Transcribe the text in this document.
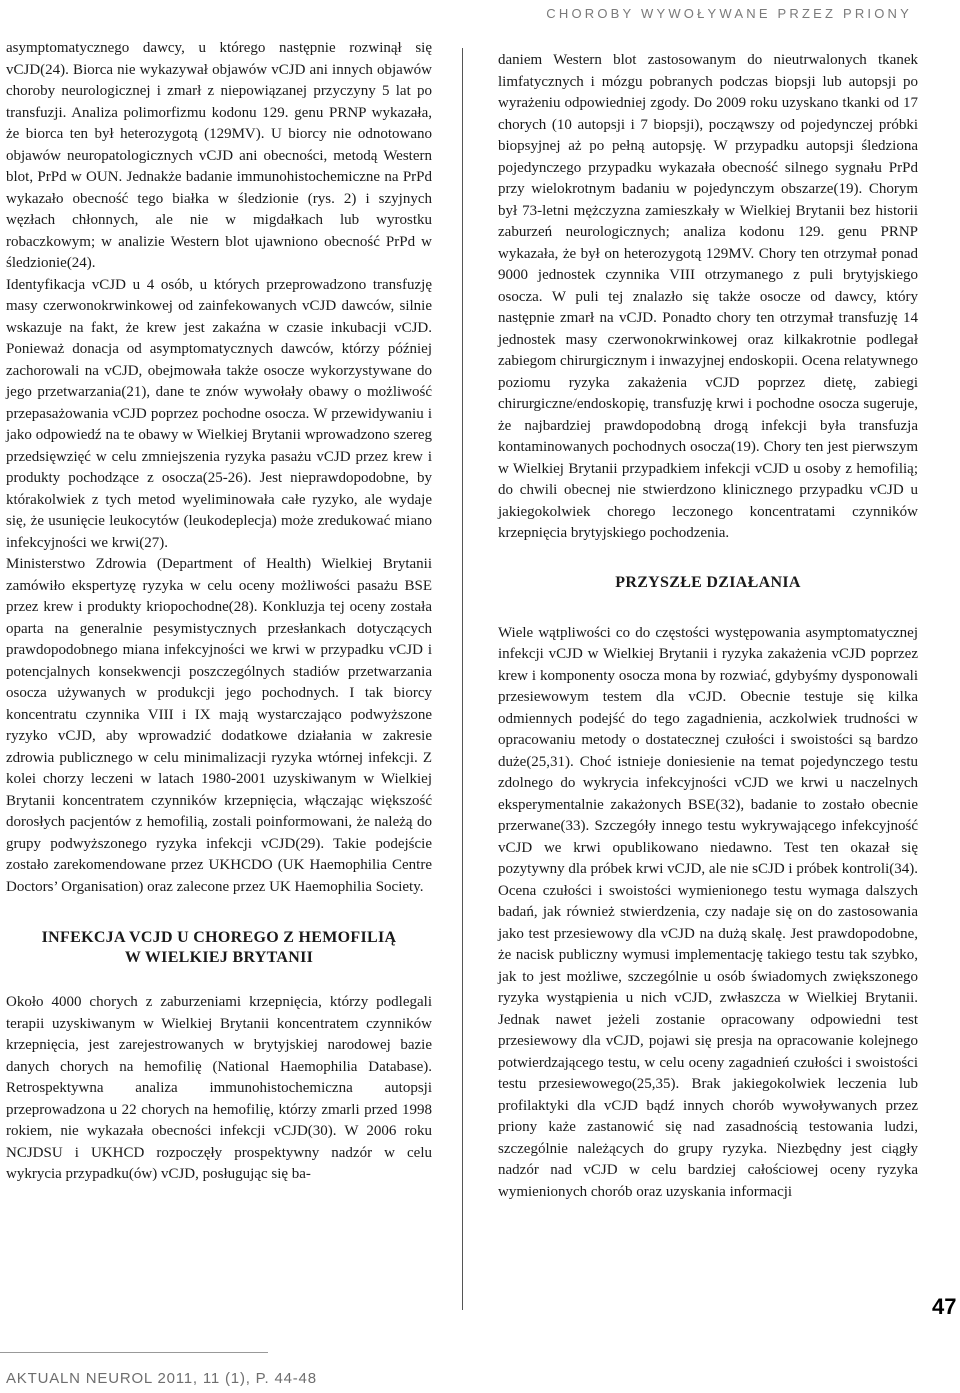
CHOROBY WYWOŁYWANE PRZEZ PRIONY

asymptomatycznego dawcy, u którego następnie rozwinął się vCJD(24). Biorca nie wykazywał objawów vCJD ani innych objawów choroby neurologicznej i zmarł z niepowiązanej przyczyny 5 lat po transfuzji. Analiza polimorfizmu kodonu 129. genu PRNP wykazała, że biorca ten był heterozygotą (129MV). U biorcy nie odnotowano objawów neuropatologicznych vCJD ani obecności, metodą Western blot, PrPd w OUN. Jednakże badanie immunohistochemiczne na PrPd wykazało obecność tego białka w śledzionie (rys. 2) i szyjnych węzłach chłonnych, ale nie w migdałkach lub wyrostku robaczkowym; w analizie Western blot ujawniono obecność PrPd w śledzionie(24).

Identyfikacja vCJD u 4 osób, u których przeprowadzono transfuzję masy czerwonokrwinkowej od zainfekowanych vCJD dawców, silnie wskazuje na fakt, że krew jest zakaźna w czasie inkubacji vCJD. Ponieważ donacja od asymptomatycznych dawców, którzy później zachorowali na vCJD, obejmowała także osocze wykorzystywane do jego przetwarzania(21), dane te znów wywołały obawy o możliwość przepasażowania vCJD poprzez pochodne osocza. W przewidywaniu i jako odpowiedź na te obawy w Wielkiej Brytanii wprowadzono szereg przedsięwzięć w celu zmniejszenia ryzyka pasażu vCJD przez krew i produkty pochodzące z osocza(25-26). Jest nieprawdopodobne, by którakolwiek z tych metod wyeliminowała całe ryzyko, ale wydaje się, że usunięcie leukocytów (leukodeplecja) może zredukować miano infekcyjności we krwi(27).

Ministerstwo Zdrowia (Department of Health) Wielkiej Brytanii zamówiło ekspertyzę ryzyka w celu oceny możliwości pasażu BSE przez krew i produkty kriopochodne(28). Konkluzja tej oceny została oparta na generalnie pesymistycznych przesłankach dotyczących prawdopodobnego miana infekcyjności we krwi w przypadku vCJD i potencjalnych konsekwencji poszczególnych stadiów przetwarzania osocza używanych w produkcji jego pochodnych. I tak biorcy koncentratu czynnika VIII i IX mają wystarczająco podwyższone ryzyko vCJD, aby wprowadzić dodatkowe działania w zakresie zdrowia publicznego w celu minimalizacji ryzyka wtórnej infekcji. Z kolei chorzy leczeni w latach 1980-2001 uzyskiwanym w Wielkiej Brytanii koncentratem czynników krzepnięcia, włączając większość dorosłych pacjentów z hemofilią, zostali poinformowani, że należą do grupy podwyższonego ryzyka infekcji vCJD(29). Takie podejście zostało zarekomendowane przez UKHCDO (UK Haemophilia Centre Doctors’ Organisation) oraz zalecone przez UK Haemophilia Society.

INFEKCJA VCJD U CHOREGO Z HEMOFILIĄ
W WIELKIEJ BRYTANII

Około 4000 chorych z zaburzeniami krzepnięcia, którzy podlegali terapii uzyskiwanym w Wielkiej Brytanii koncentratem czynników krzepnięcia, jest zarejestrowanych w brytyjskiej narodowej bazie danych chorych na hemofilię (National Haemophilia Database). Retrospektywna analiza immunohistochemiczna autopsji przeprowadzona u 22 chorych na hemofilię, którzy zmarli przed 1998 rokiem, nie wykazała obecności infekcji vCJD(30). W 2006 roku NCJDSU i UKHCD rozpoczęły prospektywny nadzór w celu wykrycia przypadku(ów) vCJD, posługując się ba-

daniem Western blot zastosowanym do nieutrwalonych tkanek limfatycznych i mózgu pobranych podczas biopsji lub autopsji po wyrażeniu odpowiedniej zgody. Do 2009 roku uzyskano tkanki od 17 chorych (10 autopsji i 7 biopsji), począwszy od pojedynczej próbki biopsyjnej aż po pełną autopsję. W przypadku autopsji śledziona pojedynczego przypadku wykazała obecność silnego sygnału PrPd przy wielokrotnym badaniu w pojedynczym obszarze(19). Chorym był 73-letni mężczyzna zamieszkały w Wielkiej Brytanii bez historii zaburzeń neurologicznych; analiza kodonu 129. genu PRNP wykazała, że był on heterozygotą 129MV. Chory ten otrzymał ponad 9000 jednostek czynnika VIII otrzymanego z puli brytyjskiego osocza. W puli tej znalazło się także osocze od dawcy, który następnie zmarł na vCJD. Ponadto chory ten otrzymał transfuzję 14 jednostek masy czerwonokrwinkowej oraz kilkakrotnie podlegał zabiegom chirurgicznym i inwazyjnej endoskopii. Ocena relatywnego poziomu ryzyka zakażenia vCJD poprzez dietę, zabiegi chirurgiczne/endoskopię, transfuzję krwi i pochodne osocza sugeruje, że najbardziej prawdopodobną drogą infekcji była transfuzja kontaminowanych pochodnych osocza(19). Chory ten jest pierwszym w Wielkiej Brytanii przypadkiem infekcji vCJD u osoby z hemofilią; do chwili obecnej nie stwierdzono klinicznego przypadku vCJD u jakiegokolwiek chorego leczonego koncentratami czynników krzepnięcia brytyjskiego pochodzenia.

PRZYSZŁE DZIAŁANIA

Wiele wątpliwości co do częstości występowania asymptomatycznej infekcji vCJD w Wielkiej Brytanii i ryzyka zakażenia vCJD poprzez krew i komponenty osocza mona by rozwiać, gdybyśmy dysponowali przesiewowym testem dla vCJD. Obecnie testuje się kilka odmiennych podejść do tego zagadnienia, aczkolwiek trudności w opracowaniu metody o dostatecznej czułości i swoistości są bardzo duże(25,31). Choć istnieje doniesienie na temat pojedynczego testu zdolnego do wykrycia infekcyjności vCJD we krwi u naczelnych eksperymentalnie zakażonych BSE(32), badanie to zostało obecnie przerwane(33). Szczegóły innego testu wykrywającego infekcyjność vCJD we krwi opublikowano niedawno. Test ten okazał się pozytywny dla próbek krwi vCJD, ale nie sCJD i próbek kontroli(34). Ocena czułości i swoistości wymienionego testu wymaga dalszych badań, jak również stwierdzenia, czy nadaje się on do zastosowania jako test przesiewowy dla vCJD na dużą skalę. Jest prawdopodobne, że nacisk publiczny wymusi implementację takiego testu tak szybko, jak to jest możliwe, szczególnie u osób świadomych zwiększonego ryzyka wystąpienia u nich vCJD, zwłaszcza w Wielkiej Brytanii. Jednak nawet jeżeli zostanie opracowany odpowiedni test przesiewowy dla vCJD, pojawi się presja na opracowanie kolejnego potwierdzającego testu, w celu oceny zagadnień czułości i swoistości testu przesiewowego(25,35). Brak jakiegokolwiek leczenia lub profilaktyki dla vCJD bądź innych chorób wywoływanych przez priony każe zastanowić się nad zasadnością testowania ludzi, szczególnie należących do grupy ryzyka. Niezbędny jest ciągły nadzór nad vCJD w celu bardziej całościowej oceny ryzyka wymienionych chorób oraz uzyskania informacji

47
AKTUALN NEUROL 2011, 11 (1), P. 44-48
